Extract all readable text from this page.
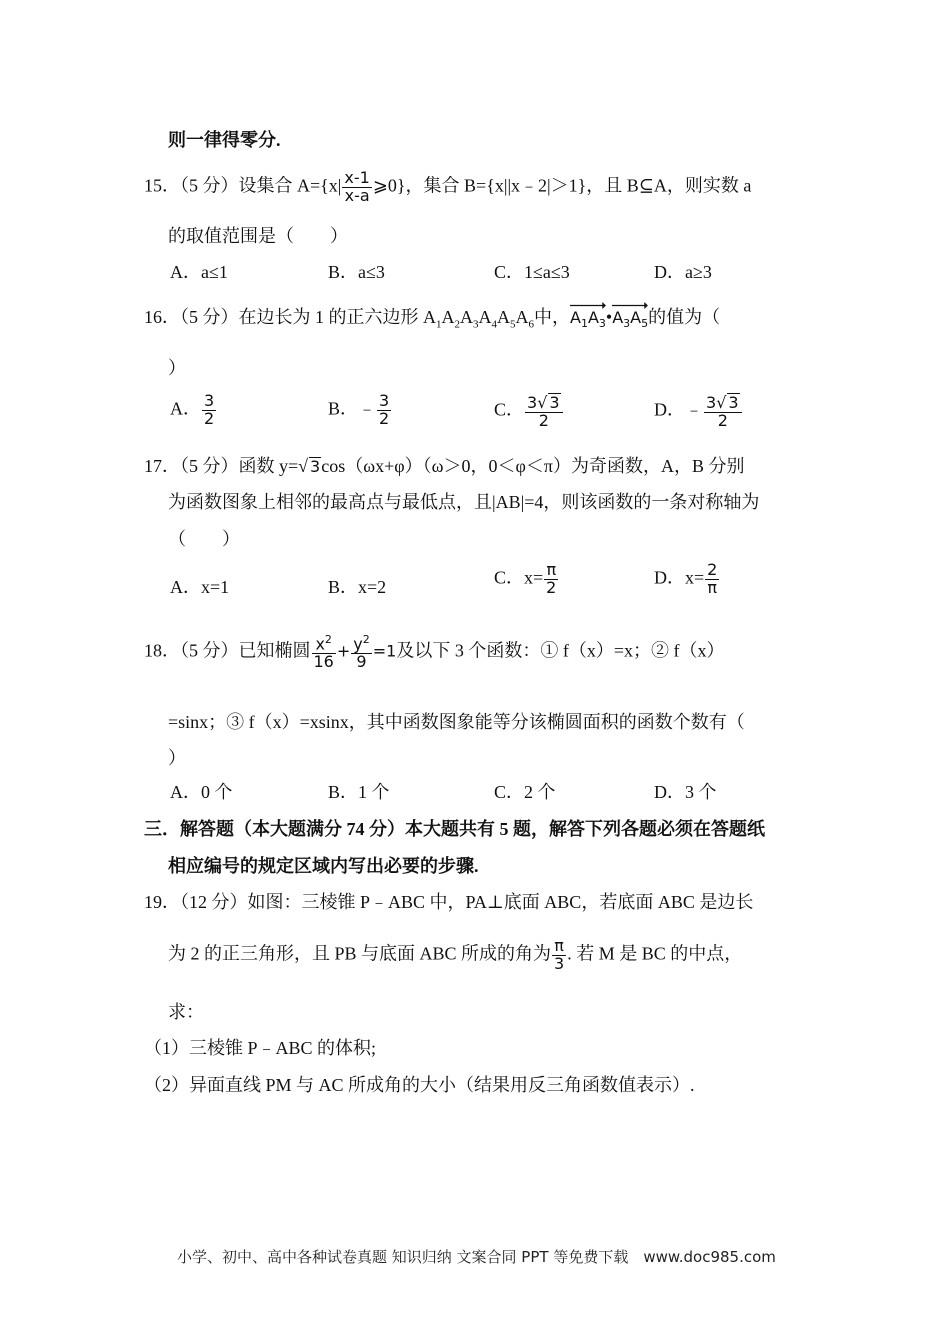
则一律得零分.
15．（5 分）设集合 $A=\{x| \frac{x-1}{x-a}$ ⩾0}，集合 B={x||x﹣2|＞1}，且 B⊆A，则实数 a
的取值范围是（　　）
A．a≤1	B．a≤3	C．1≤a≤3	D．a≥3
16．（5 分）在边长为 1 的正六边形 $A_1A_2A_3A_4A_5A_6$中，
$A_1A_3•$
$A_3A_5$的值为（
）
A． $\frac{3}{2}$	B．﹣ $\frac{3}{2}$	C． $\frac{3√ 3}{2}$	D．﹣ $\frac{3√ 3}{2}$
17．（5 分）函数 y=√ 3cos（ωx+φ）（ω＞0，0＜φ＜π）为奇函数，A，B 分别
为函数图象上相邻的最高点与最低点，且|AB|=4，则该函数的一条对称轴为
（　　）
A．x=1	B．x=2	C．$x= \frac{\pi}{2}$	D．$x= \frac{2}{\pi}$
18．（5 分）已知椭圆 $\frac{x^2}{16} + \frac{y^2}{9} =1$及以下 3 个函数：① f（x）=x；② f（x）
=sinx；③ f（x）=xsinx，其中函数图象能等分该椭圆面积的函数个数有（
）
A．0 个	B．1 个	C．2 个	D．3 个
三．解答题（本大题满分 74 分）本大题共有 5 题，解答下列各题必须在答题纸
相应编号的规定区域内写出必要的步骤.
19．（12 分）如图：三棱锥 P﹣ABC 中，PA⊥底面 ABC，若底面 ABC 是边长
为 2 的正三角形，且 PB 与底面 ABC 所成的角为 $\frac{\pi}{3}$ . 若 M 是 BC 的中点，
求：
（1）三棱锥 P﹣ABC 的体积;
（2）异面直线 PM 与 AC 所成角的大小（结果用反三角函数值表示）.
小学、初中、高中各种试卷真题 知识归纳 文案合同 PPT 等免费下载　www.doc985.com
